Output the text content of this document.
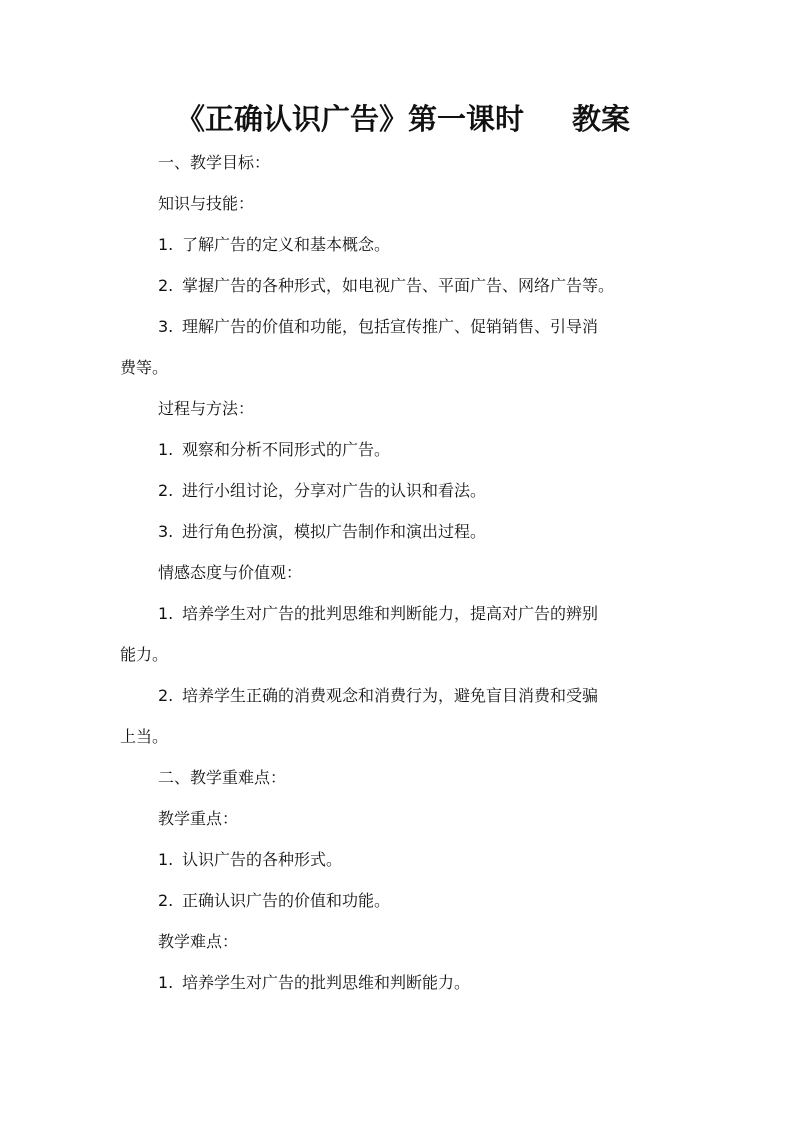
《正确认识广告》第一课时 教案
一、教学目标：
知识与技能：
1. 了解广告的定义和基本概念。
2. 掌握广告的各种形式，如电视广告、平面广告、网络广告等。
3. 理解广告的价值和功能，包括宣传推广、促销销售、引导消
费等。
过程与方法：
1. 观察和分析不同形式的广告。
2. 进行小组讨论，分享对广告的认识和看法。
3. 进行角色扮演，模拟广告制作和演出过程。
情感态度与价值观：
1. 培养学生对广告的批判思维和判断能力，提高对广告的辨别
能力。
2. 培养学生正确的消费观念和消费行为，避免盲目消费和受骗
上当。
二、教学重难点：
教学重点：
1. 认识广告的各种形式。
2. 正确认识广告的价值和功能。
教学难点：
1. 培养学生对广告的批判思维和判断能力。
